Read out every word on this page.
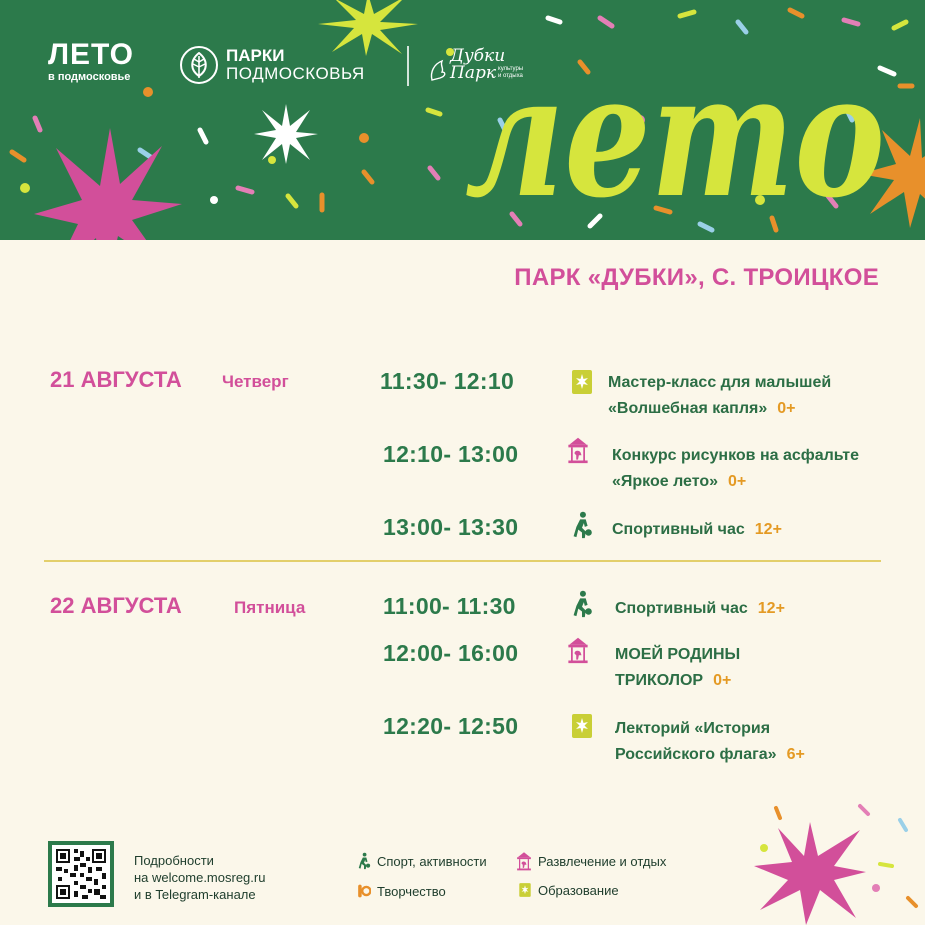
ЛЕТО
в подмосковье
ПАРКИ
ПОДМОСКОВЬЯ
Дубки
Парк культуры
и отдыха
лето
ПАРК «ДУБКИ», С. ТРОИЦКОЕ
21 АВГУСТА Четверг	11:30- 12:10	Мастер-класс для малышей
«Волшебная капля» 0+
12:10- 13:00	Конкурс рисунков на асфальте
«Яркое лето» 0+
13:00- 13:30	Спортивный час 12+
22 АВГУСТА	Пятница	11:00- 11:30	Спортивный час 12+
12:00- 16:00	МОЕЙ РОДИНЫ
ТРИКОЛОР 0+
12:20- 12:50	Лекторий «История
Российского флага» 6+
Подробности
на welcome.mosreg.ru
и в Telegram-канале
Спорт, активности
Творчество
Развлечение и отдых
Образование
